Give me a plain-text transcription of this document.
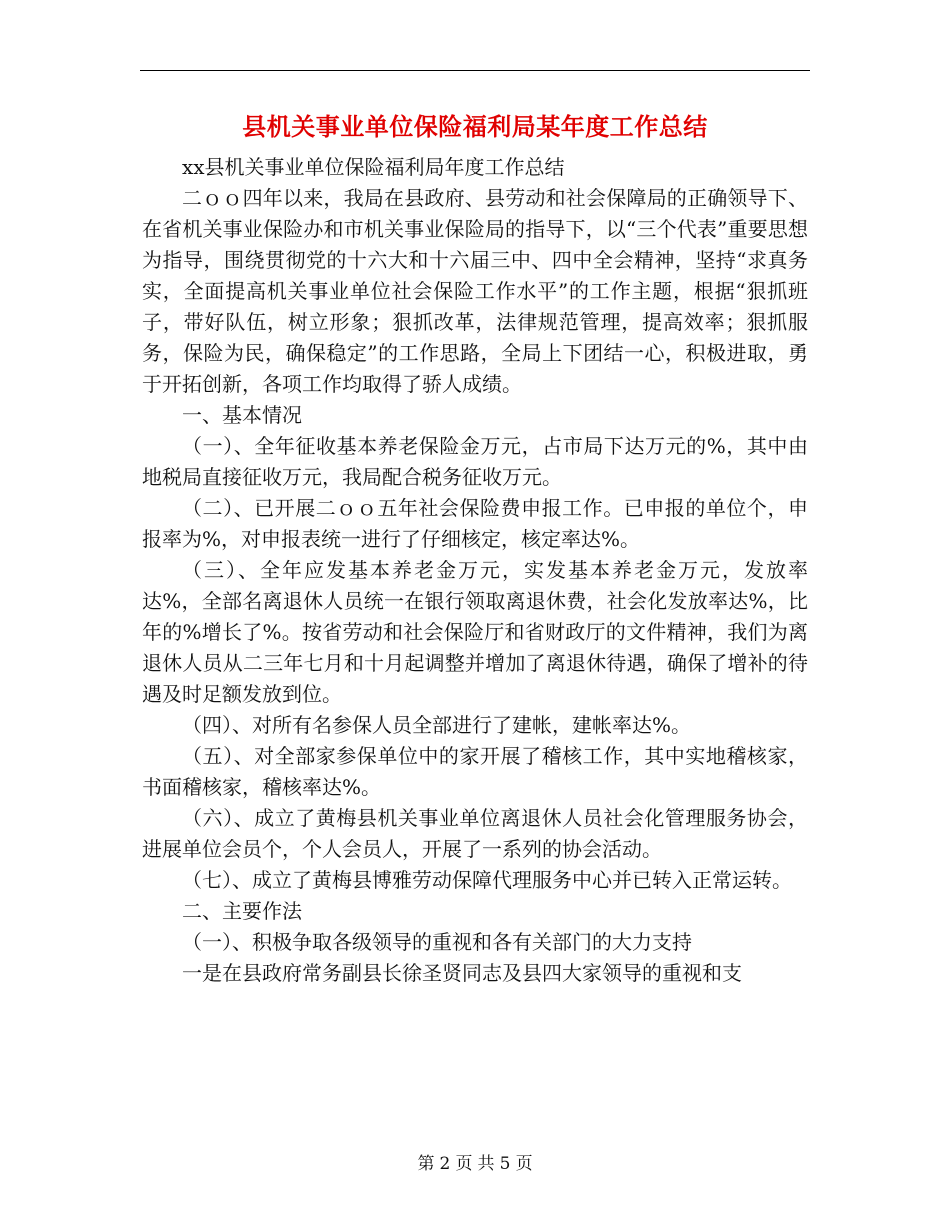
县机关事业单位保险福利局某年度工作总结

xx县机关事业单位保险福利局年度工作总结

二ｏｏ四年以来，我局在县政府、县劳动和社会保障局的正确领导下、在省机关事业保险办和市机关事业保险局的指导下，以“三个代表”重要思想为指导，围绕贯彻党的十六大和十六届三中、四中全会精神，坚持“求真务实，全面提高机关事业单位社会保险工作水平”的工作主题，根据“狠抓班子，带好队伍，树立形象；狠抓改革，法律规范管理，提高效率；狠抓服务，保险为民，确保稳定”的工作思路，全局上下团结一心，积极进取，勇于开拓创新，各项工作均取得了骄人成绩。

一、基本情况

（一）、全年征收基本养老保险金万元，占市局下达万元的%，其中由地税局直接征收万元，我局配合税务征收万元。

（二）、已开展二ｏｏ五年社会保险费申报工作。已申报的单位个，申报率为%，对申报表统一进行了仔细核定，核定率达%。

（三）、全年应发基本养老金万元，实发基本养老金万元，发放率达%，全部名离退休人员统一在银行领取离退休费，社会化发放率达%，比年的%增长了%。按省劳动和社会保险厅和省财政厅的文件精神，我们为离退休人员从二三年七月和十月起调整并增加了离退休待遇，确保了增补的待遇及时足额发放到位。

（四）、对所有名参保人员全部进行了建帐，建帐率达%。

（五）、对全部家参保单位中的家开展了稽核工作，其中实地稽核家，书面稽核家，稽核率达%。

（六）、成立了黄梅县机关事业单位离退休人员社会化管理服务协会，进展单位会员个，个人会员人，开展了一系列的协会活动。

（七）、成立了黄梅县博雅劳动保障代理服务中心并已转入正常运转。

二、主要作法

（一）、积极争取各级领导的重视和各有关部门的大力支持

一是在县政府常务副县长徐圣贤同志及县四大家领导的重视和支

第 2 页 共 5 页
